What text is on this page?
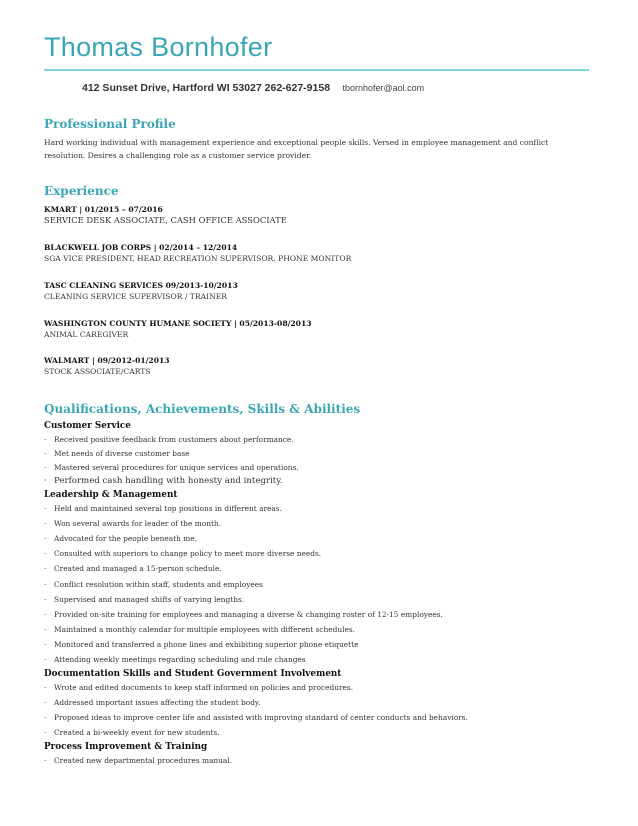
Thomas Bornhofer
412 Sunset Drive, Hartford WI 53027 262-627-9158 tbornhofer@aol.com
Professional Profile
Hard working individual with management experience and exceptional people skills. Versed in employee management and conflict resolution. Desires a challenging role as a customer service provider.
Experience
KMART | 01/2015 – 07/2016
SERVICE DESK ASSOCIATE, CASH OFFICE ASSOCIATE
BLACKWELL JOB CORPS | 02/2014 – 12/2014
SGA VICE PRESIDENT, HEAD RECREATION SUPERVISOR, PHONE MONITOR
TASC CLEANING SERVICES 09/2013-10/2013
CLEANING SERVICE SUPERVISOR / TRAINER
WASHINGTON COUNTY HUMANE SOCIETY | 05/2013-08/2013
ANIMAL CAREGIVER
WALMART | 09/2012-01/2013
STOCK ASSOCIATE/CARTS
Qualifications, Achievements, Skills & Abilities
Customer Service
· Received positive feedback from customers about performance.
· Met needs of diverse customer base
· Mastered several procedures for unique services and operations.
· Performed cash handling with honesty and integrity.
Leadership & Management
· Held and maintained several top positions in different areas.
· Won several awards for leader of the month.
· Advocated for the people beneath me.
· Consulted with superiors to change policy to meet more diverse needs.
· Created and managed a 15-person schedule.
· Conflict resolution within staff, students and employees
· Supervised and managed shifts of varying lengths.
· Provided on-site training for employees and managing a diverse & changing roster of 12-15 employees.
· Maintained a monthly calendar for multiple employees with different schedules.
· Monitored and transferred a phone lines and exhibiting superior phone etiquette
· Attending weekly meetings regarding scheduling and rule changes
Documentation Skills and Student Government Involvement
· Wrote and edited documents to keep staff informed on policies and procedures.
· Addressed important issues affecting the student body.
· Proposed ideas to improve center life and assisted with improving standard of center conducts and behaviors.
· Created a bi-weekly event for new students.
Process Improvement & Training
· Created new departmental procedures manual.
